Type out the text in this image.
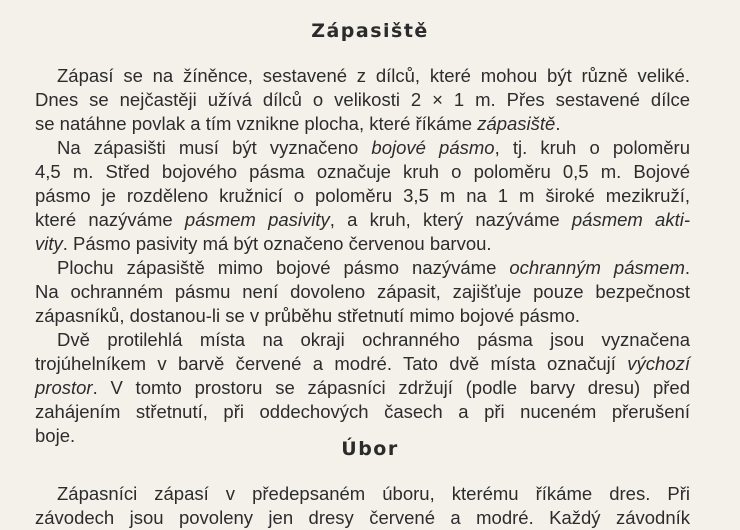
Zápasiště
Zápasí se na žíněnce, sestavené z dílců, které mohou být různě veliké.
Dnes se nejčastěji užívá dílců o velikosti 2 × 1 m. Přes sestavené dílce
se natáhne povlak a tím vznikne plocha, které říkáme zápasiště.
Na zápasišti musí být vyznačeno bojové pásmo, tj. kruh o poloměru
4,5 m. Střed bojového pásma označuje kruh o poloměru 0,5 m. Bojové
pásmo je rozděleno kružnicí o poloměru 3,5 m na 1 m široké mezikruží,
které nazýváme pásmem pasivity, a kruh, který nazýváme pásmem akti-
vity. Pásmo pasivity má být označeno červenou barvou.
Plochu zápasiště mimo bojové pásmo nazýváme ochranným pásmem.
Na ochranném pásmu není dovoleno zápasit, zajišťuje pouze bezpečnost
zápasníků, dostanou-li se v průběhu střetnutí mimo bojové pásmo.
Dvě protilehlá místa na okraji ochranného pásma jsou vyznačena
trojúhelníkem v barvě červené a modré. Tato dvě místa označují výchozí
prostor. V tomto prostoru se zápasníci zdržují (podle barvy dresu) před
zahájením střetnutí, při oddechových časech a při nuceném přerušení
boje.
Úbor
Zápasníci zápasí v předepsaném úboru, kterému říkáme dres. Při
závodech jsou povoleny jen dresy červené a modré. Každý závodník
